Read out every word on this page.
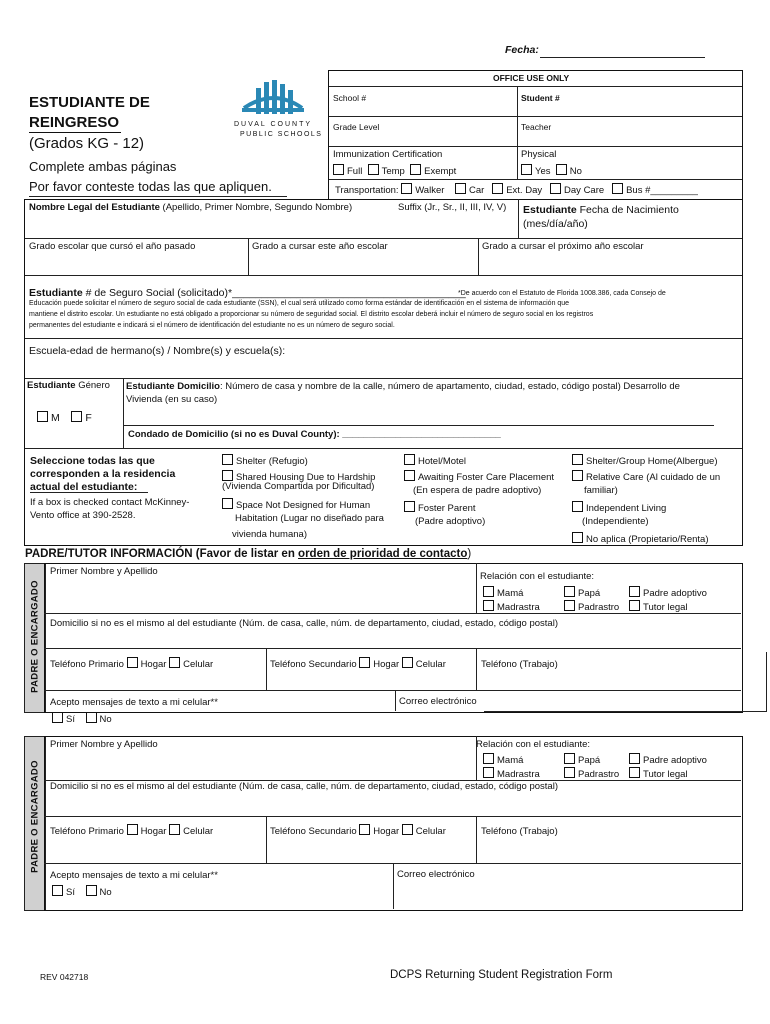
Fecha:
ESTUDIANTE DE
REINGRESO
(Grados KG - 12)
Complete ambas páginas
Por favor conteste todas las que apliquen.
DUVAL COUNTY
PUBLIC SCHOOLS
OFFICE USE ONLY
School #	Student #
Grade Level	Teacher
Immunization Certification
Full Temp Exempt
Physical
Yes No
Transportation: Walker	Car Ext. Day Day Care Bus #_________
Nombre Legal del Estudiante (Apellido, Primer Nombre, Segundo Nombre)	Suffix (Jr., Sr., II, III, IV, V) Estudiante Fecha de Nacimiento
(mes/día/año)
Grado escolar que cursó el año pasado	Grado a cursar este año escolar	Grado a cursar el próximo año escolar
Estudiante # de Seguro Social (solicitado)*________________________________________
*De acuerdo con el Estatuto de Florida 1008.386, cada Consejo de
Educación puede solicitar el número de seguro social de cada estudiante (SSN), el cual será utilizado como forma estándar de identificación en el sistema de información que
mantiene el distrito escolar. Un estudiante no está obligado a proporcionar su número de seguridad social. El distrito escolar deberá incluir el número de seguro social en los registros
permanentes del estudiante e indicará si el número de identificación del estudiante no es un número de seguro social.
Escuela-edad de hermano(s) / Nombre(s) y escuela(s):
Estudiante Género
M F
Estudiante Domicilio: Número de casa y nombre de la calle, número de apartamento, ciudad, estado, código postal) Desarrollo de
Vivienda (en su caso)
Condado de Domicilio (si no es Duval County): ______________________________
Seleccione todas las que
corresponden a la residencia
actual del estudiante:
If a box is checked contact McKinney-
Vento office at 390-2528.
Shelter (Refugio)
Shared Housing Due to Hardship
(Vivienda Compartida por Dificultad)
Space Not Designed for Human
Habitation (Lugar no diseñado para
vivienda humana)
Hotel/Motel
Awaiting Foster Care Placement
(En espera de padre adoptivo)
Foster Parent
(Padre adoptivo)
Shelter/Group Home(Albergue)
Relative Care (Al cuidado de un
familiar)
Independent Living
(Independiente)
No aplica (Propietario/Renta)
PADRE/TUTOR INFORMACIÓN (Favor de listar en orden de prioridad de contacto)
PADRE O ENCARGADO
Primer Nombre y Apellido	Relación con el estudiante:
Mamá	Papá	Padre adoptivo
Madrastra	Padrastro	Tutor legal
Domicilio si no es el mismo al del estudiante (Núm. de casa, calle, núm. de departamento, ciudad, estado, código postal)
Teléfono Primario Hogar Celular	Teléfono Secundario Hogar Celular	Teléfono (Trabajo)
Acepto mensajes de texto a mi celular**
Sí	No
Correo electrónico
PADRE O ENCARGADO
Primer Nombre y Apellido	Relación con el estudiante:
Mamá	Papá	Padre adoptivo
Madrastra	Padrastro	Tutor legal
Domicilio si no es el mismo al del estudiante (Núm. de casa, calle, núm. de departamento, ciudad, estado, código postal)
Teléfono Primario Hogar Celular	Teléfono Secundario Hogar Celular	Teléfono (Trabajo)
Acepto mensajes de texto a mi celular**
Sí	No
Correo electrónico
REV 042718	DCPS Returning Student Registration Form
